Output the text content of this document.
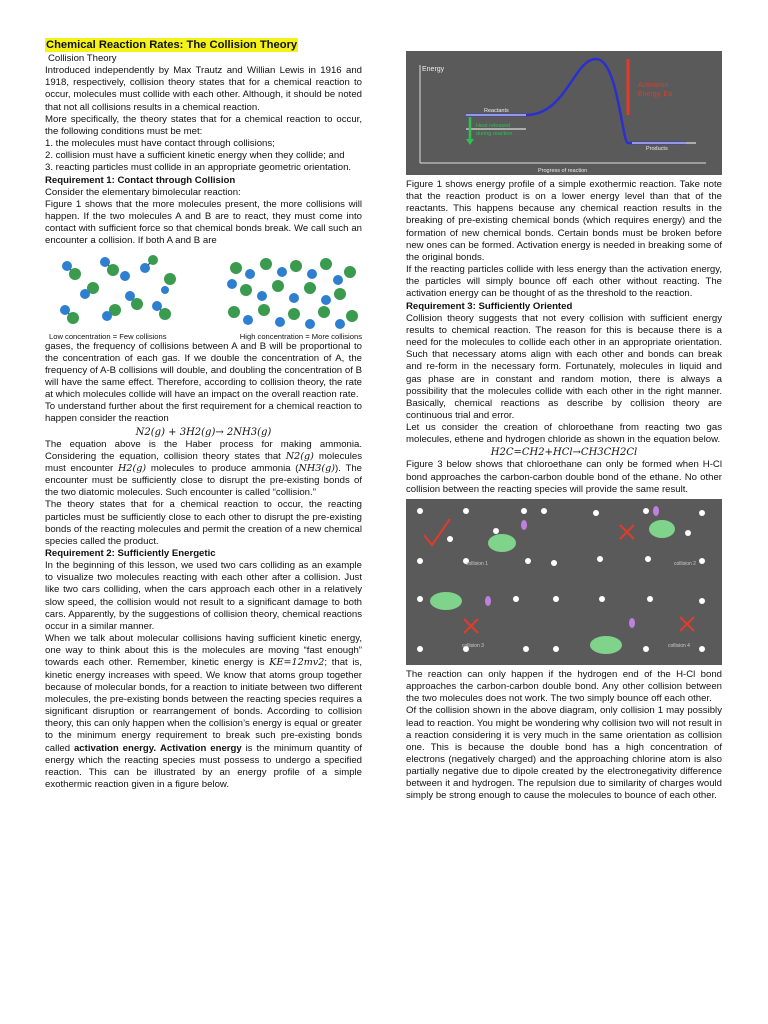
Chemical Reaction Rates: The Collision Theory

Collision Theory

Introduced independently by Max Trautz and Willian Lewis in 1916 and 1918, respectively, collision theory states that for a chemical reaction to occur, molecules must collide with each other. Although, it should be noted that not all collisions results in a chemical reaction.

More specifically, the theory states that for a chemical reaction to occur, the following conditions must be met:

1. the molecules must have contact through collisions;

2. collision must have a sufficient kinetic energy when they collide; and

3. reacting particles must collide in an appropriate geometric orientation.

Requirement 1: Contact through Collision

Consider the elementary bimolecular reaction:

Figure 1 shows that the more molecules present, the more collisions will happen. If the two molecules A and B are to react, they must come into contact with sufficient force so that chemical bonds break. We call such an encounter a collision. If both A and B are

Low concentration = Few collisions	High concentration = More collisions

gases, the frequency of collisions between A and B will be proportional to the concentration of each gas. If we double the concentration of A, the frequency of A-B collisions will double, and doubling the concentration of B will have the same effect. Therefore, according to collision theory, the rate at which molecules collide will have an impact on the overall reaction rate.

To understand further about the first requirement for a chemical reaction to happen consider the reaction

N2(g) + 3H2(g)→ 2NH3(g)

The equation above is the Haber process for making ammonia. Considering the equation, collision theory states that N2(g) molecules must encounter H2(g) molecules to produce ammonia (NH3(g)). The encounter must be sufficiently close to disrupt the pre-existing bonds of the two diatomic molecules. Such encounter is called “collision.”

The theory states that for a chemical reaction to occur, the reacting particles must be sufficiently close to each other to disrupt the pre-existing bonds of the reacting molecules and permit the creation of a new chemical species called the product.

Requirement 2: Sufficiently Energetic

In the beginning of this lesson, we used two cars colliding as an example to visualize two molecules reacting with each other after a collision. Just like two cars colliding, when the cars approach each other in a relatively slow speed, the collision would not result to a significant damage to both cars. Apparently, by the suggestions of collision theory, chemical reactions occur in a similar manner.

When we talk about molecular collisions having sufficient kinetic energy, one way to think about this is the molecules are moving “fast enough” towards each other. Remember, kinetic energy is KE=12mv2; that is, kinetic energy increases with speed. We know that atoms group together because of molecular bonds, for a reaction to initiate between two different molecules, the pre-existing bonds between the reacting species requires a significant disruption or rearrangement of bonds. According to collision theory, this can only happen when the collision’s energy is equal or greater to the minimum energy requirement to break such pre-existing bonds called activation energy. Activation energy is the minimum quantity of energy which the reacting species must possess to undergo a specified reaction. This can be illustrated by an energy profile of a simple exothermic reaction given in a figure below.

Energy
Activation
Energy, Ea
Reactants
Heat released
during reaction
Products
Progress of reaction

Figure 1 shows energy profile of a simple exothermic reaction. Take note that the reaction product is on a lower energy level than that of the reactants. This happens because any chemical reaction results in the breaking of pre-existing chemical bonds (which requires energy) and the formation of new chemical bonds. Certain bonds must be broken before new ones can be formed. Activation energy is needed in breaking some of the original bonds.

If the reacting particles collide with less energy than the activation energy, the particles will simply bounce off each other without reacting. The activation energy can be thought of as the threshold to the reaction.

Requirement 3: Sufficiently Oriented

Collision theory suggests that not every collision with sufficient energy results to chemical reaction. The reason for this is because there is a need for the molecules to collide each other in an appropriate orientation. Such that necessary atoms align with each other and bonds can break and re-form in the necessary form. Fortunately, molecules in liquid and gas phase are in constant and random motion, there is always a possibility that the molecules collide with each other in the right manner. Basically, chemical reactions as describe by collision theory are continuous trial and error.

Let us consider the creation of chloroethane from reacting two gas molecules, ethene and hydrogen chloride as shown in the equation below.

H2C=CH2+HCl→CH3CH2Cl

Figure 3 below shows that chloroethane can only be formed when H-Cl bond approaches the carbon-carbon double bond of the ethane. No other collision between the reacting species will provide the same result.

collision 1	collision 2
collision 3	collision 4

The reaction can only happen if the hydrogen end of the H-Cl bond approaches the carbon-carbon double bond. Any other collision between the two molecules does not work. The two simply bounce off each other.

Of the collision shown in the above diagram, only collision 1 may possibly lead to reaction. You might be wondering why collision two will not result in a reaction considering it is very much in the same orientation as collision one. This is because the double bond has a high concentration of electrons (negatively charged) and the approaching chlorine atom is also partially negative due to dipole created by the electronegativity difference between it and hydrogen. The repulsion due to similarity of charges would simply be strong enough to cause the molecules to bounce of each other.
